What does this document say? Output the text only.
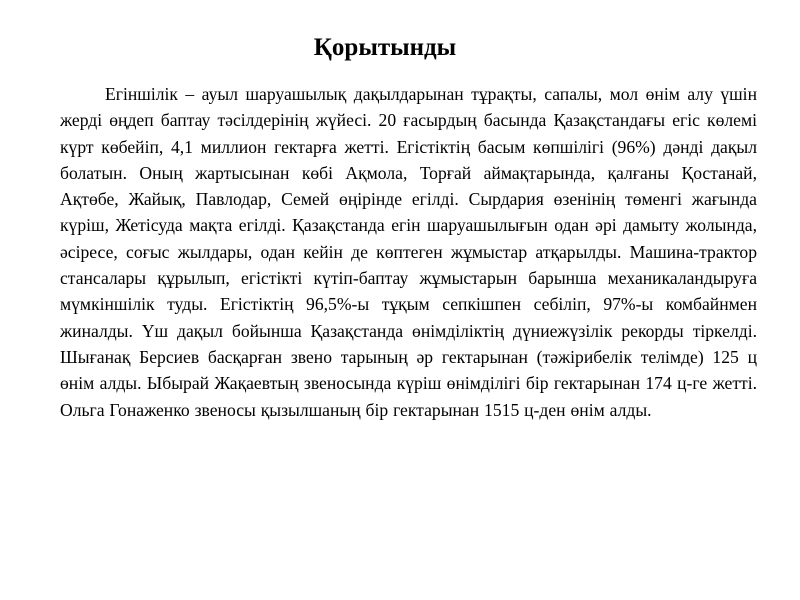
Қорытынды

Егіншілік – ауыл шаруашылық дақылдарынан тұрақты, сапалы, мол өнім алу үшін жерді өңдеп баптау тәсілдерінің жүйесі. 20 ғасырдың басында Қазақстандағы егіс көлемі күрт көбейіп, 4,1 миллион гектарға жетті. Егістіктің басым көпшілігі (96%) дәнді дақыл болатын. Оның жартысынан көбі Ақмола, Торғай аймақтарында, қалғаны Қостанай, Ақтөбе, Жайық, Павлодар, Семей өңірінде егілді. Сырдария өзенінің төменгі жағында күріш, Жетісуда мақта егілді. Қазақстанда егін шаруашылығын одан әрі дамыту жолында, әсіресе, соғыс жылдары, одан кейін де көптеген жұмыстар атқарылды. Машина-трактор стансалары құрылып, егістікті күтіп-баптау жұмыстарын барынша механикаландыруға мүмкіншілік туды. Егістіктің 96,5%-ы тұқым сепкішпен себіліп, 97%-ы комбайнмен жиналды. Үш дақыл бойынша Қазақстанда өнімділіктің дүниежүзілік рекорды тіркелді. Шығанақ Берсиев басқарған звено тарының әр гектарынан (тәжірибелік телімде) 125 ц өнім алды. Ыбырай Жақаевтың звеносында күріш өнімділігі бір гектарынан 174 ц-ге жетті. Ольга Гонаженко звеносы қызылшаның бір гектарынан 1515 ц-ден өнім алды.
